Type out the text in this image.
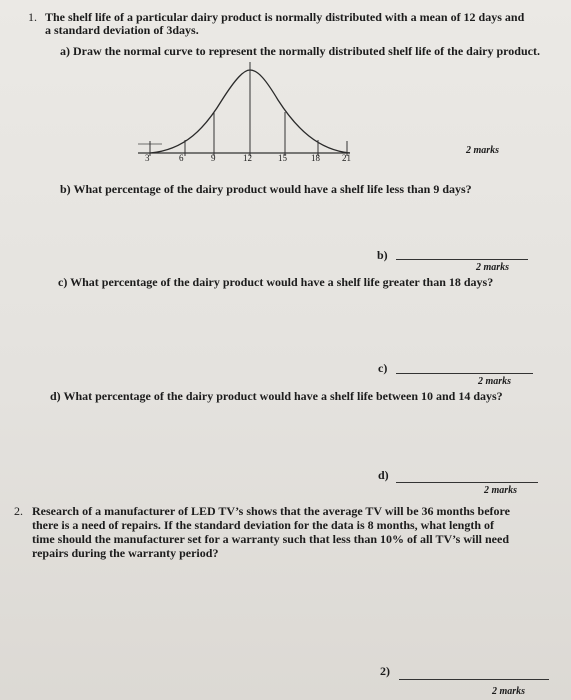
1. The shelf life of a particular dairy product is normally distributed with a mean of 12 days and
a standard deviation of 3days.
a) Draw the normal curve to represent the normally distributed shelf life of the dairy product.
3	6	9	12	15	18 21
2 marks
b) What percentage of the dairy product would have a shelf life less than 9 days?
b)
2 marks
c) What percentage of the dairy product would have a shelf life greater than 18 days?
c)
2 marks
d) What percentage of the dairy product would have a shelf life between 10 and 14 days?
d)
2 marks
2. Research of a manufacturer of LED TV’s shows that the average TV will be 36 months before
there is a need of repairs. If the standard deviation for the data is 8 months, what length of
time should the manufacturer set for a warranty such that less than 10% of all TV’s will need
repairs during the warranty period?
2)
2 marks
